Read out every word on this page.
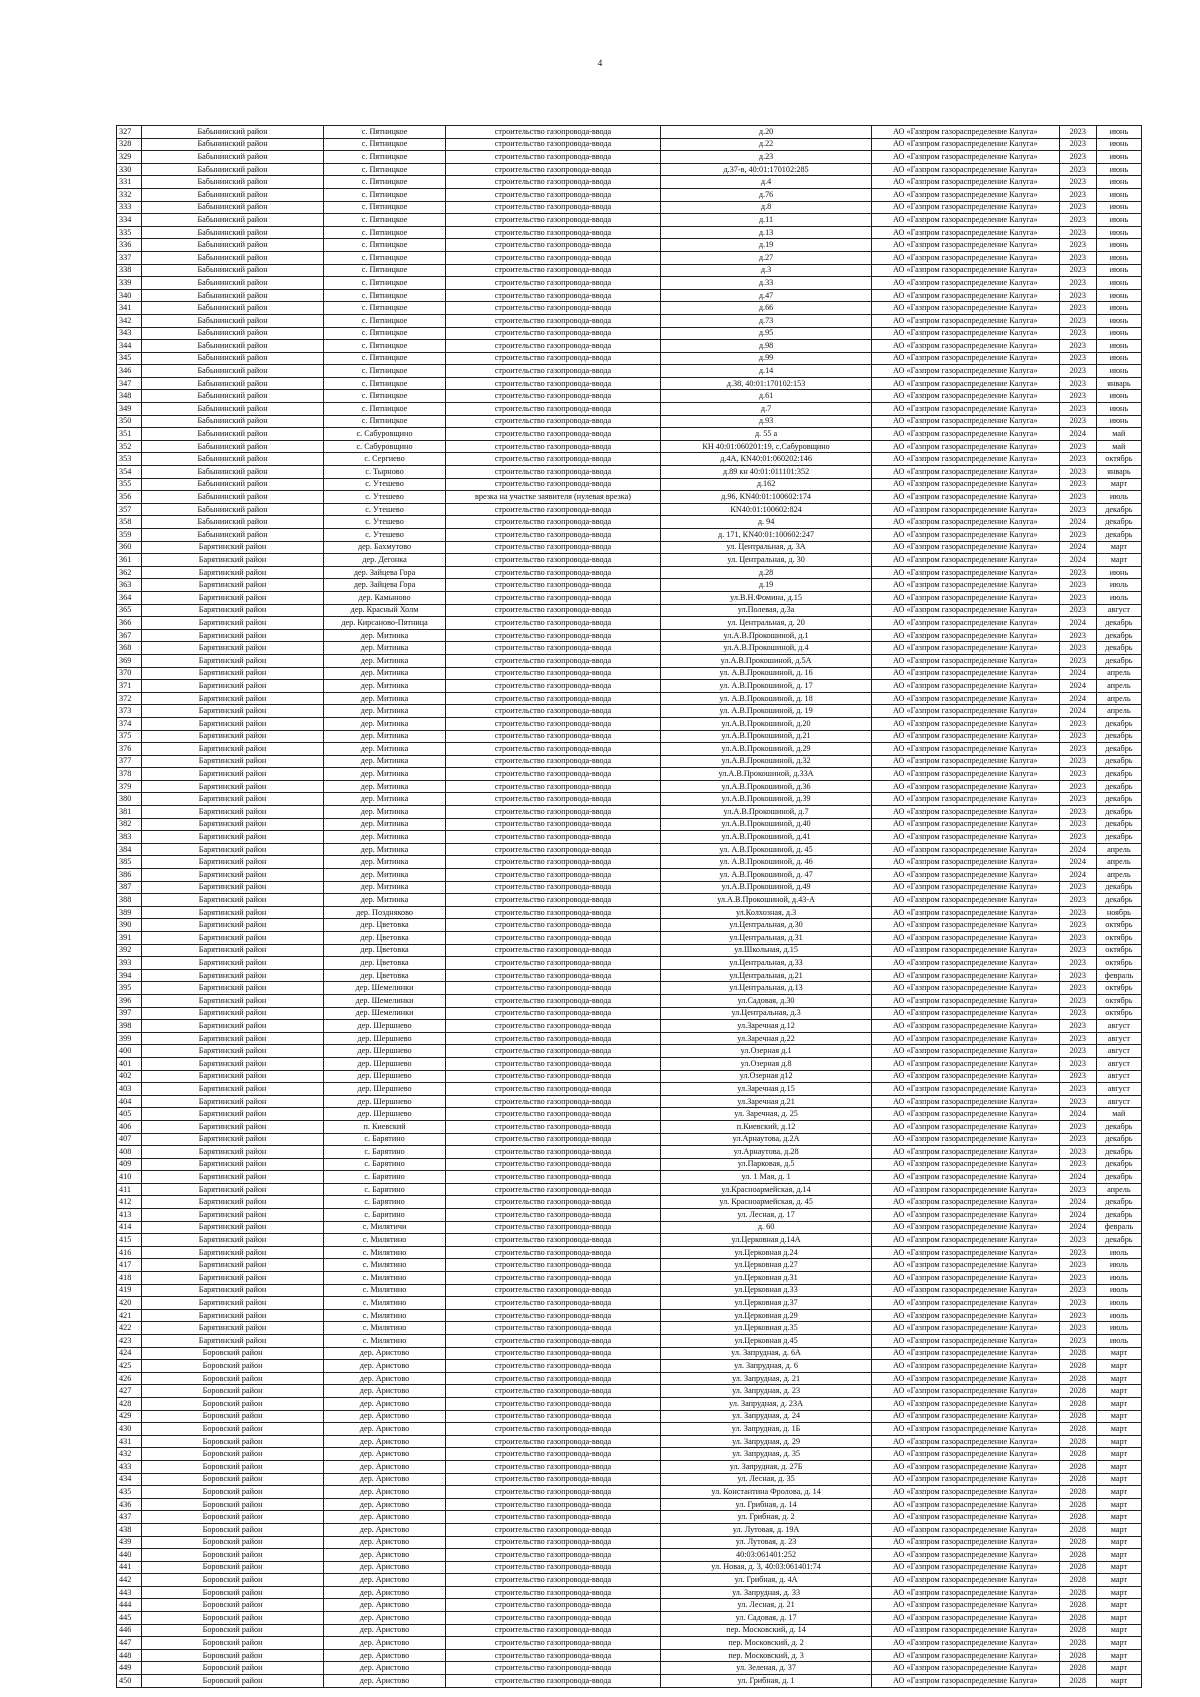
4
327	Бабынинский район	с. Пятницкое	строительство газопровода-ввода	д.20	АО «Газпром газораспределение Калуга»	2023	июнь
328	Бабынинский район	с. Пятницкое	строительство газопровода-ввода	д.22	АО «Газпром газораспределение Калуга»	2023	июнь
329	Бабынинский район	с. Пятницкое	строительство газопровода-ввода	д.23	АО «Газпром газораспределение Калуга»	2023	июнь
330	Бабынинский район	с. Пятницкое	строительство газопровода-ввода	д.37-в, 40:01:170102:285	АО «Газпром газораспределение Калуга»	2023	июнь
331	Бабынинский район	с. Пятницкое	строительство газопровода-ввода	д.4	АО «Газпром газораспределение Калуга»	2023	июнь
332	Бабынинский район	с. Пятницкое	строительство газопровода-ввода	д.76	АО «Газпром газораспределение Калуга»	2023	июнь
333	Бабынинский район	с. Пятницкое	строительство газопровода-ввода	д.8	АО «Газпром газораспределение Калуга»	2023	июнь
334	Бабынинский район	с. Пятницкое	строительство газопровода-ввода	д.11	АО «Газпром газораспределение Калуга»	2023	июнь
335	Бабынинский район	с. Пятницкое	строительство газопровода-ввода	д.13	АО «Газпром газораспределение Калуга»	2023	июнь
336	Бабынинский район	с. Пятницкое	строительство газопровода-ввода	д.19	АО «Газпром газораспределение Калуга»	2023	июнь
337	Бабынинский район	с. Пятницкое	строительство газопровода-ввода	д.27	АО «Газпром газораспределение Калуга»	2023	июнь
338	Бабынинский район	с. Пятницкое	строительство газопровода-ввода	д.3	АО «Газпром газораспределение Калуга»	2023	июнь
339	Бабынинский район	с. Пятницкое	строительство газопровода-ввода	д.33	АО «Газпром газораспределение Калуга»	2023	июнь
340	Бабынинский район	с. Пятницкое	строительство газопровода-ввода	д.47	АО «Газпром газораспределение Калуга»	2023	июнь
341	Бабынинский район	с. Пятницкое	строительство газопровода-ввода	д.66	АО «Газпром газораспределение Калуга»	2023	июнь
342	Бабынинский район	с. Пятницкое	строительство газопровода-ввода	д.73	АО «Газпром газораспределение Калуга»	2023	июнь
343	Бабынинский район	с. Пятницкое	строительство газопровода-ввода	д.95	АО «Газпром газораспределение Калуга»	2023	июнь
344	Бабынинский район	с. Пятницкое	строительство газопровода-ввода	д.98	АО «Газпром газораспределение Калуга»	2023	июнь
345	Бабынинский район	с. Пятницкое	строительство газопровода-ввода	д.99	АО «Газпром газораспределение Калуга»	2023	июнь
346	Бабынинский район	с. Пятницкое	строительство газопровода-ввода	д.14	АО «Газпром газораспределение Калуга»	2023	июнь
347	Бабынинский район	с. Пятницкое	строительство газопровода-ввода	д.38, 40:01:170102:153	АО «Газпром газораспределение Калуга»	2023	январь
348	Бабынинский район	с. Пятницкое	строительство газопровода-ввода	д.61	АО «Газпром газораспределение Калуга»	2023	июнь
349	Бабынинский район	с. Пятницкое	строительство газопровода-ввода	д.7	АО «Газпром газораспределение Калуга»	2023	июнь
350	Бабынинский район	с. Пятницкое	строительство газопровода-ввода	д.93	АО «Газпром газораспределение Калуга»	2023	июнь
351	Бабынинский район	с. Сабуровщино	строительство газопровода-ввода	д. 55 а	АО «Газпром газораспределение Калуга»	2024	май
352	Бабынинский район	с. Сабуровщино	строительство газопровода-ввода	КН 40:01:060201:19, с.Сабуровщино	АО «Газпром газораспределение Калуга»	2023	май
353	Бабынинский район	с. Сергиево	строительство газопровода-ввода	д.4А, КN40:01:060202:146	АО «Газпром газораспределение Калуга»	2023	октябрь
354	Бабынинский район	с. Тырново	строительство газопровода-ввода	д.89 кн 40:01:011101:352	АО «Газпром газораспределение Калуга»	2023	январь
355	Бабынинский район	с. Утешево	строительство газопровода-ввода	д.162	АО «Газпром газораспределение Калуга»	2023	март
356	Бабынинский район	с. Утешево	врезка на участке заявителя (нулевая врезка)	д.96, КN40:01:100602:174	АО «Газпром газораспределение Калуга»	2023	июль
357	Бабынинский район	с. Утешево	строительство газопровода-ввода	КN40:01:100602:824	АО «Газпром газораспределение Калуга»	2023	декабрь
358	Бабынинский район	с. Утешево	строительство газопровода-ввода	д. 94	АО «Газпром газораспределение Калуга»	2024	декабрь
359	Бабынинский район	с. Утешево	строительство газопровода-ввода	д. 171, КN40:01:100602:247	АО «Газпром газораспределение Калуга»	2023	декабрь
360	Барятинский район	дер. Бахмутово	строительство газопровода-ввода	ул. Центральная, д. 3А	АО «Газпром газораспределение Калуга»	2024	март
361	Барятинский район	дер. Дегонка	строительство газопровода-ввода	ул. Центральная, д. 30	АО «Газпром газораспределение Калуга»	2024	март
362	Барятинский район	дер. Зайцева Гора	строительство газопровода-ввода	д.28	АО «Газпром газораспределение Калуга»	2023	июнь
363	Барятинский район	дер. Зайцева Гора	строительство газопровода-ввода	д.19	АО «Газпром газораспределение Калуга»	2023	июль
364	Барятинский район	дер. Камыново	строительство газопровода-ввода	ул.В.Н.Фомина, д.15	АО «Газпром газораспределение Калуга»	2023	июль
365	Барятинский район	дер. Красный Холм	строительство газопровода-ввода	ул.Полевая, д.3а	АО «Газпром газораспределение Калуга»	2023	август
366	Барятинский район	дер. Кирсаново-Пятница	строительство газопровода-ввода	ул. Центральная, д. 20	АО «Газпром газораспределение Калуга»	2024	декабрь
367	Барятинский район	дер. Митинка	строительство газопровода-ввода	ул.А.В.Прокошиной, д.1	АО «Газпром газораспределение Калуга»	2023	декабрь
368	Барятинский район	дер. Митинка	строительство газопровода-ввода	ул.А.В.Прокошиной, д.4	АО «Газпром газораспределение Калуга»	2023	декабрь
369	Барятинский район	дер. Митинка	строительство газопровода-ввода	ул.А.В.Прокошиной, д.5А	АО «Газпром газораспределение Калуга»	2023	декабрь
370	Барятинский район	дер. Митинка	строительство газопровода-ввода	ул. А.В.Прокошиной, д. 16	АО «Газпром газораспределение Калуга»	2024	апрель
371	Барятинский район	дер. Митинка	строительство газопровода-ввода	ул. А.В.Прокошиной, д. 17	АО «Газпром газораспределение Калуга»	2024	апрель
372	Барятинский район	дер. Митинка	строительство газопровода-ввода	ул. А.В.Прокошиной, д. 18	АО «Газпром газораспределение Калуга»	2024	апрель
373	Барятинский район	дер. Митинка	строительство газопровода-ввода	ул. А.В.Прокошиной, д. 19	АО «Газпром газораспределение Калуга»	2024	апрель
374	Барятинский район	дер. Митинка	строительство газопровода-ввода	ул.А.В.Прокошиной, д.20	АО «Газпром газораспределение Калуга»	2023	декабрь
375	Барятинский район	дер. Митинка	строительство газопровода-ввода	ул.А.В.Прокошиной, д.21	АО «Газпром газораспределение Калуга»	2023	декабрь
376	Барятинский район	дер. Митинка	строительство газопровода-ввода	ул.А.В.Прокошиной, д.29	АО «Газпром газораспределение Калуга»	2023	декабрь
377	Барятинский район	дер. Митинка	строительство газопровода-ввода	ул.А.В.Прокошиной, д.32	АО «Газпром газораспределение Калуга»	2023	декабрь
378	Барятинский район	дер. Митинка	строительство газопровода-ввода	ул.А.В.Прокошиной, д.33А	АО «Газпром газораспределение Калуга»	2023	декабрь
379	Барятинский район	дер. Митинка	строительство газопровода-ввода	ул.А.В.Прокошиной, д.36	АО «Газпром газораспределение Калуга»	2023	декабрь
380	Барятинский район	дер. Митинка	строительство газопровода-ввода	ул.А.В.Прокошиной, д.39	АО «Газпром газораспределение Калуга»	2023	декабрь
381	Барятинский район	дер. Митинка	строительство газопровода-ввода	ул.А.В.Прокошиной, д.7	АО «Газпром газораспределение Калуга»	2023	декабрь
382	Барятинский район	дер. Митинка	строительство газопровода-ввода	ул.А.В.Прокошиной, д.40	АО «Газпром газораспределение Калуга»	2023	декабрь
383	Барятинский район	дер. Митинка	строительство газопровода-ввода	ул.А.В.Прокошиной, д.41	АО «Газпром газораспределение Калуга»	2023	декабрь
384	Барятинский район	дер. Митинка	строительство газопровода-ввода	ул. А.В.Прокошиной, д. 45	АО «Газпром газораспределение Калуга»	2024	апрель
385	Барятинский район	дер. Митинка	строительство газопровода-ввода	ул. А.В.Прокошиной, д. 46	АО «Газпром газораспределение Калуга»	2024	апрель
386	Барятинский район	дер. Митинка	строительство газопровода-ввода	ул. А.В.Прокошиной, д. 47	АО «Газпром газораспределение Калуга»	2024	апрель
387	Барятинский район	дер. Митинка	строительство газопровода-ввода	ул.А.В.Прокошиной, д.49	АО «Газпром газораспределение Калуга»	2023	декабрь
388	Барятинский район	дер. Митинка	строительство газопровода-ввода	ул.А.В.Прокошиной, д.43-А	АО «Газпром газораспределение Калуга»	2023	декабрь
389	Барятинский район	дер. Поздняково	строительство газопровода-ввода	ул.Колхозная, д.3	АО «Газпром газораспределение Калуга»	2023	ноябрь
390	Барятинский район	дер. Цветовка	строительство газопровода-ввода	ул.Центральная, д.30	АО «Газпром газораспределение Калуга»	2023	октябрь
391	Барятинский район	дер. Цветовка	строительство газопровода-ввода	ул.Центральная, д.31	АО «Газпром газораспределение Калуга»	2023	октябрь
392	Барятинский район	дер. Цветовка	строительство газопровода-ввода	ул.Школьная, д.15	АО «Газпром газораспределение Калуга»	2023	октябрь
393	Барятинский район	дер. Цветовка	строительство газопровода-ввода	ул.Центральная, д.33	АО «Газпром газораспределение Калуга»	2023	октябрь
394	Барятинский район	дер. Цветовка	строительство газопровода-ввода	ул.Центральная, д.21	АО «Газпром газораспределение Калуга»	2023	февраль
395	Барятинский район	дер. Шемелинки	строительство газопровода-ввода	ул.Центральная, д.13	АО «Газпром газораспределение Калуга»	2023	октябрь
396	Барятинский район	дер. Шемелинки	строительство газопровода-ввода	ул.Садовая, д.30	АО «Газпром газораспределение Калуга»	2023	октябрь
397	Барятинский район	дер. Шемелинки	строительство газопровода-ввода	ул.Центральная, д.3	АО «Газпром газораспределение Калуга»	2023	октябрь
398	Барятинский район	дер. Шершнево	строительство газопровода-ввода	ул.Заречная д.12	АО «Газпром газораспределение Калуга»	2023	август
399	Барятинский район	дер. Шершнево	строительство газопровода-ввода	ул.Заречная д.22	АО «Газпром газораспределение Калуга»	2023	август
400	Барятинский район	дер. Шершнево	строительство газопровода-ввода	ул.Озерная д.1	АО «Газпром газораспределение Калуга»	2023	август
401	Барятинский район	дер. Шершнево	строительство газопровода-ввода	ул.Озерная д.8	АО «Газпром газораспределение Калуга»	2023	август
402	Барятинский район	дер. Шершнево	строительство газопровода-ввода	ул.Озерная д12	АО «Газпром газораспределение Калуга»	2023	август
403	Барятинский район	дер. Шершнево	строительство газопровода-ввода	ул.Заречная д.15	АО «Газпром газораспределение Калуга»	2023	август
404	Барятинский район	дер. Шершнево	строительство газопровода-ввода	ул.Заречная д.21	АО «Газпром газораспределение Калуга»	2023	август
405	Барятинский район	дер. Шершнево	строительство газопровода-ввода	ул. Заречная, д. 25	АО «Газпром газораспределение Калуга»	2024	май
406	Барятинский район	п. Киевский	строительство газопровода-ввода	п.Киевский, д.12	АО «Газпром газораспределение Калуга»	2023	декабрь
407	Барятинский район	с. Барятино	строительство газопровода-ввода	ул.Арнаутова, д.2А	АО «Газпром газораспределение Калуга»	2023	декабрь
408	Барятинский район	с. Барятино	строительство газопровода-ввода	ул.Арнаутова, д.28	АО «Газпром газораспределение Калуга»	2023	декабрь
409	Барятинский район	с. Барятино	строительство газопровода-ввода	ул.Парковая, д.5	АО «Газпром газораспределение Калуга»	2023	декабрь
410	Барятинский район	с. Барятино	строительство газопровода-ввода	ул. 1 Мая, д. 1	АО «Газпром газораспределение Калуга»	2024	декабрь
411	Барятинский район	с. Барятино	строительство газопровода-ввода	ул.Красноармейская, д.14	АО «Газпром газораспределение Калуга»	2023	апрель
412	Барятинский район	с. Барятино	строительство газопровода-ввода	ул. Красноармейская, д. 45	АО «Газпром газораспределение Калуга»	2024	декабрь
413	Барятинский район	с. Барятино	строительство газопровода-ввода	ул. Лесная, д. 17	АО «Газпром газораспределение Калуга»	2024	декабрь
414	Барятинский район	с. Милятичи	строительство газопровода-ввода	д. 60	АО «Газпром газораспределение Калуга»	2024	февраль
415	Барятинский район	с. Милятино	строительство газопровода-ввода	ул.Церковная д.14А	АО «Газпром газораспределение Калуга»	2023	декабрь
416	Барятинский район	с. Милятино	строительство газопровода-ввода	ул.Церковная д.24	АО «Газпром газораспределение Калуга»	2023	июль
417	Барятинский район	с. Милятино	строительство газопровода-ввода	ул.Церковная д.27	АО «Газпром газораспределение Калуга»	2023	июль
418	Барятинский район	с. Милятино	строительство газопровода-ввода	ул.Церковная д.31	АО «Газпром газораспределение Калуга»	2023	июль
419	Барятинский район	с. Милятино	строительство газопровода-ввода	ул.Церковная д.33	АО «Газпром газораспределение Калуга»	2023	июль
420	Барятинский район	с. Милятино	строительство газопровода-ввода	ул.Церковная д.37	АО «Газпром газораспределение Калуга»	2023	июль
421	Барятинский район	с. Милятино	строительство газопровода-ввода	ул.Церковная д.29	АО «Газпром газораспределение Калуга»	2023	июль
422	Барятинский район	с. Милятино	строительство газопровода-ввода	ул.Церковная д.35	АО «Газпром газораспределение Калуга»	2023	июль
423	Барятинский район	с. Милятино	строительство газопровода-ввода	ул.Церковная д.45	АО «Газпром газораспределение Калуга»	2023	июль
424	Боровский район	дер. Аристово	строительство газопровода-ввода	ул. Запрудная, д. 6А	АО «Газпром газораспределение Калуга»	2028	март
425	Боровский район	дер. Аристово	строительство газопровода-ввода	ул. Запрудная, д. 6	АО «Газпром газораспределение Калуга»	2028	март
426	Боровский район	дер. Аристово	строительство газопровода-ввода	ул. Запрудная, д. 21	АО «Газпром газораспределение Калуга»	2028	март
427	Боровский район	дер. Аристово	строительство газопровода-ввода	ул. Запрудная, д. 23	АО «Газпром газораспределение Калуга»	2028	март
428	Боровский район	дер. Аристово	строительство газопровода-ввода	ул. Запрудная, д. 23А	АО «Газпром газораспределение Калуга»	2028	март
429	Боровский район	дер. Аристово	строительство газопровода-ввода	ул. Запрудная, д. 24	АО «Газпром газораспределение Калуга»	2028	март
430	Боровский район	дер. Аристово	строительство газопровода-ввода	ул. Запрудная, д. 1Б	АО «Газпром газораспределение Калуга»	2028	март
431	Боровский район	дер. Аристово	строительство газопровода-ввода	ул. Запрудная, д. 29	АО «Газпром газораспределение Калуга»	2028	март
432	Боровский район	дер. Аристово	строительство газопровода-ввода	ул. Запрудная, д. 35	АО «Газпром газораспределение Калуга»	2028	март
433	Боровский район	дер. Аристово	строительство газопровода-ввода	ул. Запрудная, д. 27Б	АО «Газпром газораспределение Калуга»	2028	март
434	Боровский район	дер. Аристово	строительство газопровода-ввода	ул. Лесная, д. 35	АО «Газпром газораспределение Калуга»	2028	март
435	Боровский район	дер. Аристово	строительство газопровода-ввода	ул. Константина Фролова, д. 14	АО «Газпром газораспределение Калуга»	2028	март
436	Боровский район	дер. Аристово	строительство газопровода-ввода	ул. Грибная, д. 14	АО «Газпром газораспределение Калуга»	2028	март
437	Боровский район	дер. Аристово	строительство газопровода-ввода	ул. Грибная, д. 2	АО «Газпром газораспределение Калуга»	2028	март
438	Боровский район	дер. Аристово	строительство газопровода-ввода	ул. Лутовая, д. 19А	АО «Газпром газораспределение Калуга»	2028	март
439	Боровский район	дер. Аристово	строительство газопровода-ввода	ул. Лутовая, д. 23	АО «Газпром газораспределение Калуга»	2028	март
440	Боровский район	дер. Аристово	строительство газопровода-ввода	40:03:061401:252	АО «Газпром газораспределение Калуга»	2028	март
441	Боровский район	дер. Аристово	строительство газопровода-ввода	ул. Новая, д. 3, 40:03:061401:74	АО «Газпром газораспределение Калуга»	2028	март
442	Боровский район	дер. Аристово	строительство газопровода-ввода	ул. Грибная, д. 4А	АО «Газпром газораспределение Калуга»	2028	март
443	Боровский район	дер. Аристово	строительство газопровода-ввода	ул. Запрудная, д. 33	АО «Газпром газораспределение Калуга»	2028	март
444	Боровский район	дер. Аристово	строительство газопровода-ввода	ул. Лесная, д. 21	АО «Газпром газораспределение Калуга»	2028	март
445	Боровский район	дер. Аристово	строительство газопровода-ввода	ул. Садовая, д. 17	АО «Газпром газораспределение Калуга»	2028	март
446	Боровский район	дер. Аристово	строительство газопровода-ввода	пер. Московский, д. 14	АО «Газпром газораспределение Калуга»	2028	март
447	Боровский район	дер. Аристово	строительство газопровода-ввода	пер. Московский, д. 2	АО «Газпром газораспределение Калуга»	2028	март
448	Боровский район	дер. Аристово	строительство газопровода-ввода	пер. Московский, д. 3	АО «Газпром газораспределение Калуга»	2028	март
449	Боровский район	дер. Аристово	строительство газопровода-ввода	ул. Зеленая, д. 37	АО «Газпром газораспределение Калуга»	2028	март
450	Боровский район	дер. Аристово	строительство газопровода-ввода	ул. Грибная, д. 1	АО «Газпром газораспределение Калуга»	2028	март
